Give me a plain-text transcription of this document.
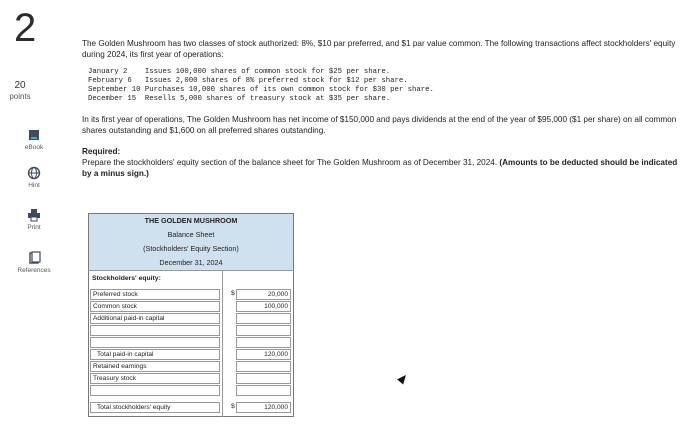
2
20
points
eBook
Hint
Print
References

The Golden Mushroom has two classes of stock authorized: 8%, $10 par preferred, and $1 par value common. The following transactions affect stockholders' equity during 2024, its first year of operations:

January 2    Issues 100,000 shares of common stock for $25 per share.
February 6   Issues 2,000 shares of 8% preferred stock for $12 per share.
September 10 Purchases 10,000 shares of its own common stock for $30 per share.
December 15  Resells 5,000 shares of treasury stock at $35 per share.

In its first year of operations, The Golden Mushroom has net income of $150,000 and pays dividends at the end of the year of $95,000 ($1 per share) on all common shares outstanding and $1,600 on all preferred shares outstanding.

Required:
Prepare the stockholders' equity section of the balance sheet for The Golden Mushroom as of December 31, 2024. (Amounts to be deducted should be indicated by a minus sign.)
THE GOLDEN MUSHROOM
Balance Sheet
(Stockholders' Equity Section)
December 31, 2024
Stockholders' equity:
Preferred stock	$	20,000
Common stock	100,000
Additional paid-in capital
Total paid-in capital	120,000
Retained earnings
Treasury stock
Total stockholders' equity	$	120,000
